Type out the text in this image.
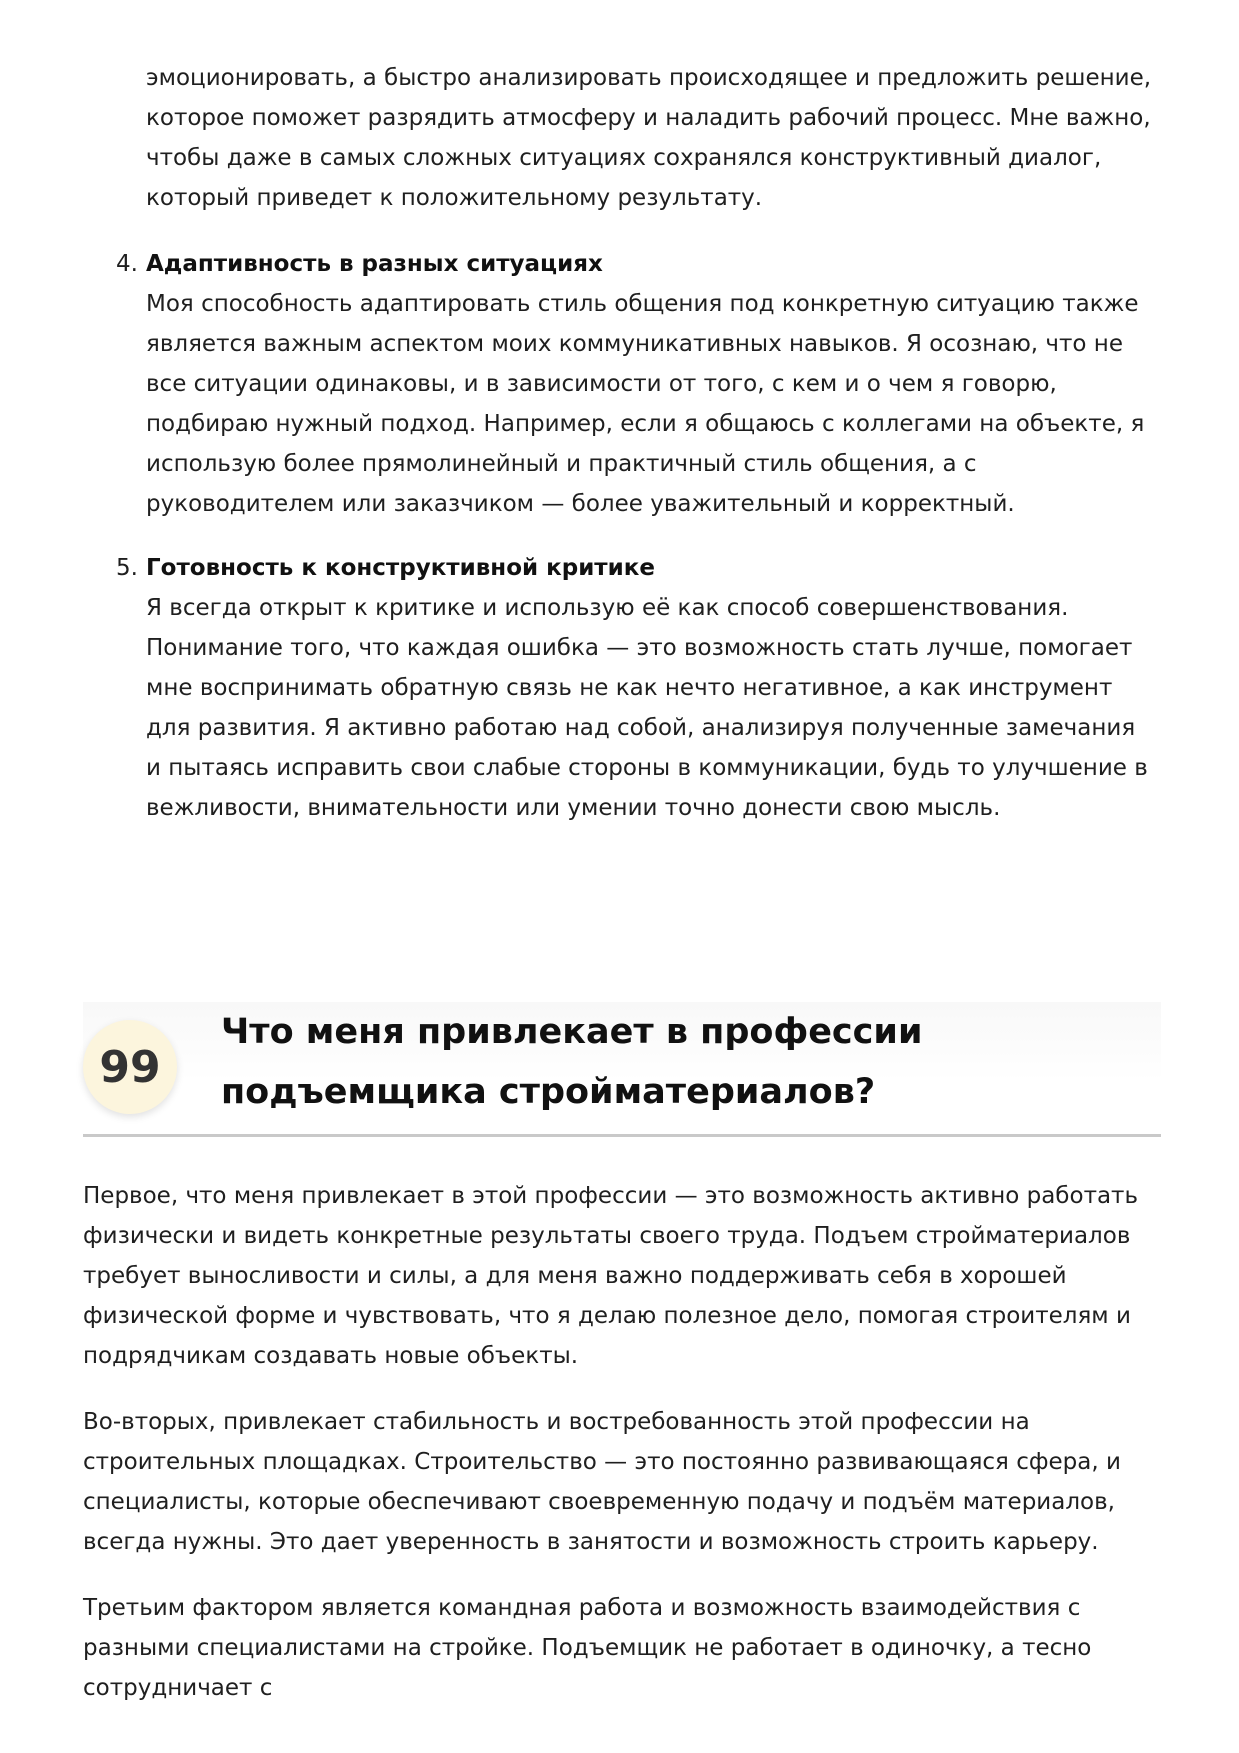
эмоционировать, а быстро анализировать происходящее и предложить решение, которое поможет разрядить атмосферу и наладить рабочий процесс. Мне важно, чтобы даже в самых сложных ситуациях сохранялся конструктивный диалог, который приведет к положительному результату.

4. Адаптивность в разных ситуациях
Моя способность адаптировать стиль общения под конкретную ситуацию также является важным аспектом моих коммуникативных навыков. Я осознаю, что не все ситуации одинаковы, и в зависимости от того, с кем и о чем я говорю, подбираю нужный подход. Например, если я общаюсь с коллегами на объекте, я использую более прямолинейный и практичный стиль общения, а с руководителем или заказчиком — более уважительный и корректный.
5. Готовность к конструктивной критике
Я всегда открыт к критике и использую её как способ совершенствования. Понимание того, что каждая ошибка — это возможность стать лучше, помогает мне воспринимать обратную связь не как нечто негативное, а как инструмент для развития. Я активно работаю над собой, анализируя полученные замечания и пытаясь исправить свои слабые стороны в коммуникации, будь то улучшение в вежливости, внимательности или умении точно донести свою мысль.
99
Что меня привлекает в профессии подъемщика стройматериалов?

Первое, что меня привлекает в этой профессии — это возможность активно работать физически и видеть конкретные результаты своего труда. Подъем стройматериалов требует выносливости и силы, а для меня важно поддерживать себя в хорошей физической форме и чувствовать, что я делаю полезное дело, помогая строителям и подрядчикам создавать новые объекты.

Во-вторых, привлекает стабильность и востребованность этой профессии на строительных площадках. Строительство — это постоянно развивающаяся сфера, и специалисты, которые обеспечивают своевременную подачу и подъём материалов, всегда нужны. Это дает уверенность в занятости и возможность строить карьеру.

Третьим фактором является командная работа и возможность взаимодействия с разными специалистами на стройке. Подъемщик не работает в одиночку, а тесно сотрудничает с
